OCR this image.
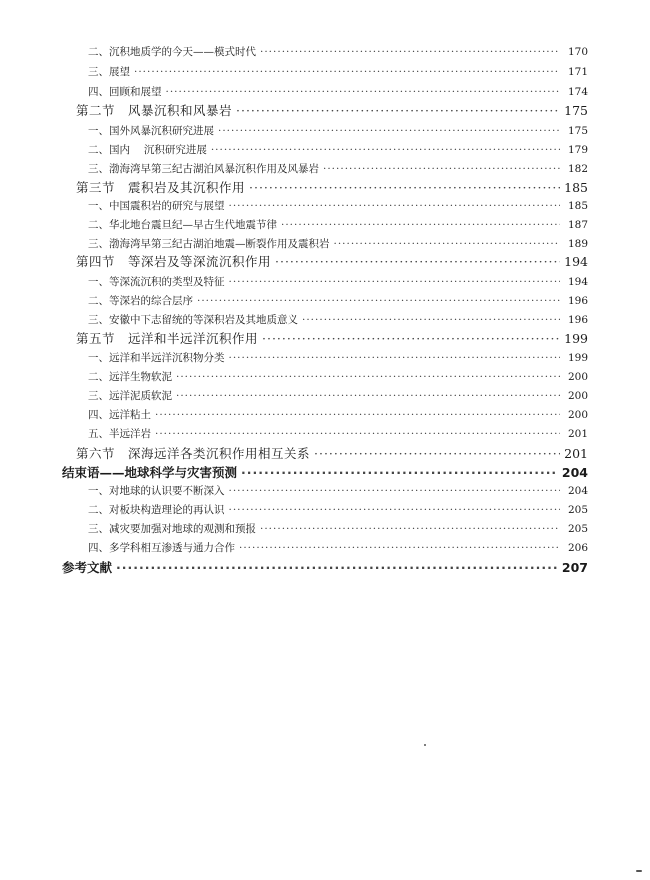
二、沉积地质学的今天——模式时代 ·····	170
三、展望 ·····	171
四、回顾和展望 ·····	174
第二节　风暴沉积和风暴岩 ·····	175
一、国外风暴沉积研究进展 ·····	175
二、国内　 沉积研究进展 ·····	179
三、渤海湾早第三纪古湖泊风暴沉积作用及风暴岩 ·····	182
第三节　震积岩及其沉积作用 ·····	185
一、中国震积岩的研究与展望 ·····	185
二、华北地台震旦纪—早古生代地震节律 ·····	187
三、渤海湾早第三纪古湖泊地震—断裂作用及震积岩 ·····	189
第四节　等深岩及等深流沉积作用 ·····	194
一、等深流沉积的类型及特征 ·····	194
二、等深岩的综合层序 ·····	196
三、安徽中下志留统的等深积岩及其地质意义 ·····	196
第五节　远洋和半远洋沉积作用 ·····	199
一、远洋和半远洋沉积物分类 ·····	199
二、远洋生物软泥 ·····	200
三、远洋泥质软泥 ·····	200
四、远洋粘土 ·····	200
五、半远洋岩 ·····	201
第六节　深海远洋各类沉积作用相互关系 ·····	201
结束语——地球科学与灾害预测 ·····	204
一、对地球的认识要不断深入 ·····	204
二、对板块构造理论的再认识 ·····	205
三、减灾要加强对地球的观测和预报 ·····	205
四、多学科相互渗透与通力合作 ·····	206
参考文献 ·····	207
